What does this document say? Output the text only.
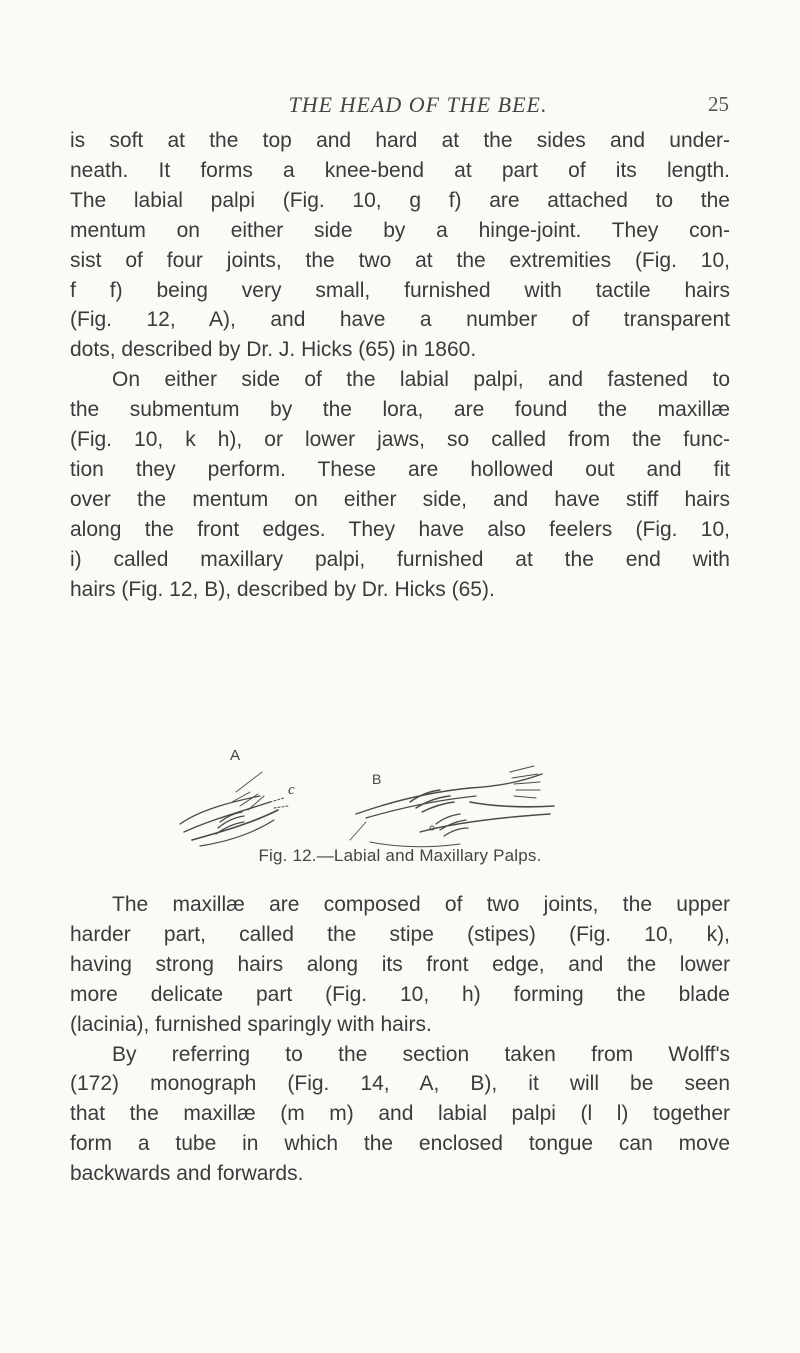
THE HEAD OF THE BEE.	25
is soft at the top and hard at the sides and under-
neath. It forms a knee-bend at part of its length.
The labial palpi (Fig. 10, g f) are attached to the
mentum on either side by a hinge-joint. They con-
sist of four joints, the two at the extremities (Fig. 10,
f f) being very small, furnished with tactile hairs
(Fig. 12, A), and have a number of transparent
dots, described by Dr. J. Hicks (65) in 1860.
On either side of the labial palpi, and fastened to
the submentum by the lora, are found the maxillæ
(Fig. 10, k h), or lower jaws, so called from the func-
tion they perform. These are hollowed out and fit
over the mentum on either side, and have stiff hairs
along the front edges. They have also feelers (Fig. 10,
i) called maxillary palpi, furnished at the end with
hairs (Fig. 12, B), described by Dr. Hicks (65).
A
B
c
Fig. 12.—Labial and Maxillary Palps.
The maxillæ are composed of two joints, the upper
harder part, called the stipe (stipes) (Fig. 10, k),
having strong hairs along its front edge, and the lower
more delicate part (Fig. 10, h) forming the blade
(lacinia), furnished sparingly with hairs.
By referring to the section taken from Wolff's
(172) monograph (Fig. 14, A, B), it will be seen
that the maxillæ (m m) and labial palpi (l l) together
form a tube in which the enclosed tongue can move
backwards and forwards.
